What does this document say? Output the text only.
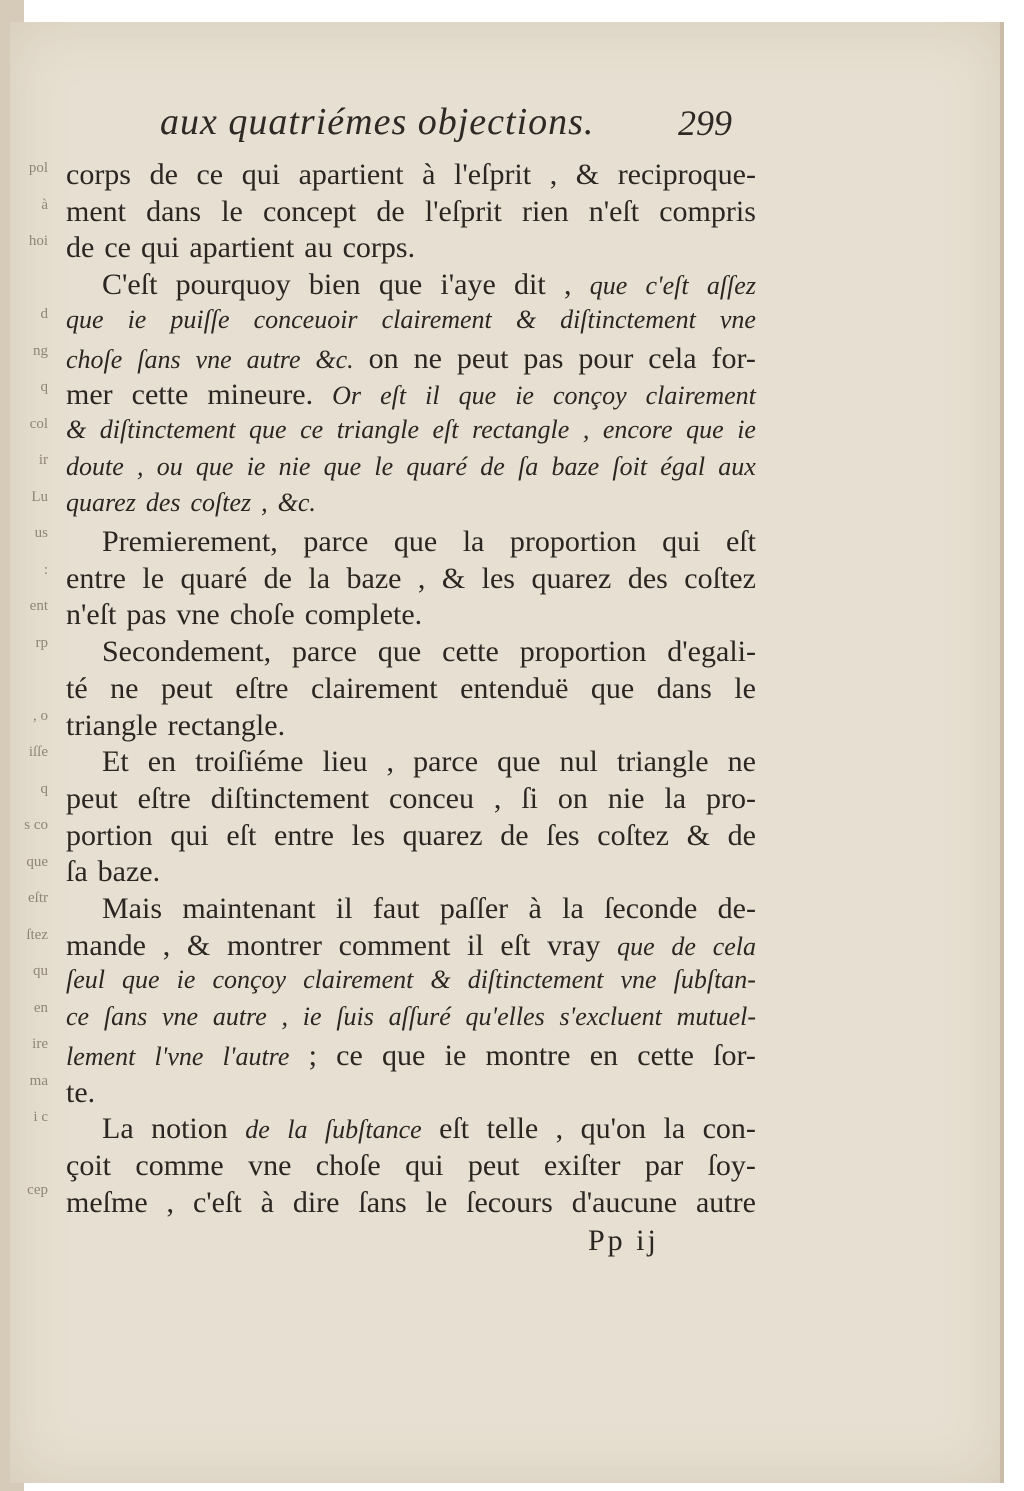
pol
à
hoi
d
ng
q
col
ir
Lu
us
:
ent
rp
, o
iſſe
q
s co
que
eſtr
ſtez
qu
en
ire
ma
i c
cep
aux quatriémes objections. 299
corps de ce qui apartient à l'eſprit , & reciproque-
ment dans le concept de l'eſprit rien n'eſt compris
de ce qui apartient au corps.
C'eſt pourquoy bien que i'aye dit , que c'eſt aſſez
que ie puiſſe conceuoir clairement & diſtinctement vne
choſe ſans vne autre &c. on ne peut pas pour cela for-
mer cette mineure. Or eſt il que ie conçoy clairement
& diſtinctement que ce triangle eſt rectangle , encore que ie
doute , ou que ie nie que le quaré de ſa baze ſoit égal aux
quarez des coſtez , &c.
Premierement, parce que la proportion qui eſt
entre le quaré de la baze , & les quarez des coſtez
n'eſt pas vne choſe complete.
Secondement, parce que cette proportion d'egali-
té ne peut eſtre clairement entenduë que dans le
triangle rectangle.
Et en troiſiéme lieu , parce que nul triangle ne
peut eſtre diſtinctement conceu , ſi on nie la pro-
portion qui eſt entre les quarez de ſes coſtez & de
ſa baze.
Mais maintenant il faut paſſer à la ſeconde de-
mande , & montrer comment il eſt vray que de cela
ſeul que ie conçoy clairement & diſtinctement vne ſubſtan-
ce ſans vne autre , ie ſuis aſſuré qu'elles s'excluent mutuel-
lement l'vne l'autre ; ce que ie montre en cette ſor-
te.
La notion de la ſubſtance eſt telle , qu'on la con-
çoit comme vne choſe qui peut exiſter par ſoy-
meſme , c'eſt à dire ſans le ſecours d'aucune autre
Pp ij
